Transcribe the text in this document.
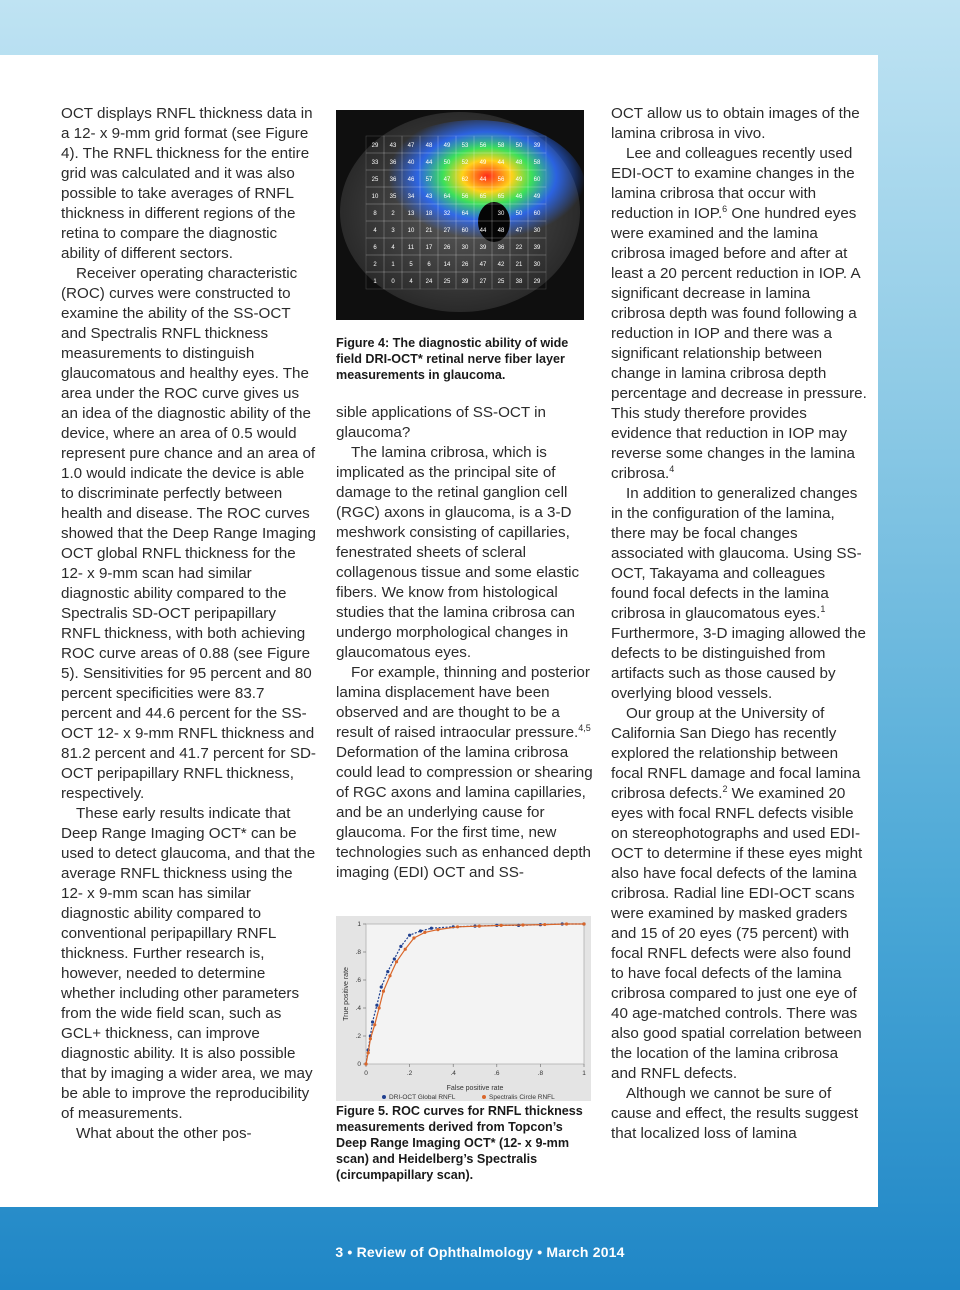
OCT displays RNFL thickness data in a 12- x 9-mm grid format (see Figure 4). The RNFL thickness for the entire grid was calculated and it was also possible to take averages of RNFL thickness in different regions of the retina to compare the diagnostic ability of different sectors.

Receiver operating characteristic (ROC) curves were constructed to examine the ability of the SS-OCT and Spectralis RNFL thickness measurements to distinguish glaucomatous and healthy eyes. The area under the ROC curve gives us an idea of the diagnostic ability of the device, where an area of 0.5 would represent pure chance and an area of 1.0 would indicate the device is able to discriminate perfectly between health and disease. The ROC curves showed that the Deep Range Imaging OCT global RNFL thickness for the 12- x 9-mm scan had similar diagnostic ability compared to the Spectralis SD-OCT peripapillary RNFL thickness, with both achieving ROC curve areas of 0.88 (see Figure 5). Sensitivities for 95 percent and 80 percent specificities were 83.7 percent and 44.6 percent for the SS-OCT 12- x 9-mm RNFL thickness and 81.2 percent and 41.7 percent for SD-OCT peripapillary RNFL thickness, respectively.

These early results indicate that Deep Range Imaging OCT* can be used to detect glaucoma, and that the average RNFL thickness using the 12- x 9-mm scan has similar diagnostic ability compared to conventional peripapillary RNFL thickness. Further research is, however, needed to determine whether including other parameters from the wide field scan, such as GCL+ thickness, can improve diagnostic ability. It is also possible that by imaging a wider area, we may be able to improve the reproducibility of measurements.

What about the other pos-

29 43 47 48 49 53 56 58 50 39
33 36 40 44 50 52 49 44 48 58
25 36 46 57 47 62 44 56 49 60
10 35 34 43 64 56 65 65 46 49
8 2 13 18 32 64	30 50 60
4 3 10 21 27 60 44 48 47 30
6 4 11 17 26 30 39 36 22 39
2 1 5 6 14 26 47 42 21 30
1 0 4 24 25 39 27 25 38 29
Figure 4: The diagnostic ability of wide field DRI-OCT* retinal nerve fiber layer measurements in glaucoma.

sible applications of SS-OCT in glaucoma?

The lamina cribrosa, which is implicated as the principal site of damage to the retinal ganglion cell (RGC) axons in glaucoma, is a 3-D meshwork consisting of capillaries, fenestrated sheets of scleral collagenous tissue and some elastic fibers. We know from histological studies that the lamina cribrosa can undergo morphological changes in glaucomatous eyes.

For example, thinning and posterior lamina displacement have been observed and are thought to be a result of raised intraocular pressure.$^{4,5}$ Deformation of the lamina cribrosa could lead to compression or shearing of RGC axons and lamina capillaries, and be an underlying cause for glaucoma. For the first time, new technologies such as enhanced depth imaging (EDI) OCT and SS-

0	.2	.4	.6	.8	1
0
.2
.4
.6
.8
1
False positive rate
True positive rate
DRI-OCT Global RNFL	Spectralis Circle RNFL
Figure 5. ROC curves for RNFL thickness measurements derived from Topcon’s Deep Range Imaging OCT* (12- x 9-mm scan) and Heidelberg’s Spectralis (circumpapillary scan).

OCT allow us to obtain images of the lamina cribrosa in vivo.

Lee and colleagues recently used EDI-OCT to examine changes in the lamina cribrosa that occur with reduction in IOP.$^6$ One hundred eyes were examined and the lamina cribrosa imaged before and after at least a 20 percent reduction in IOP. A significant decrease in lamina cribrosa depth was found following a reduction in IOP and there was a significant relationship between change in lamina cribrosa depth percentage and decrease in pressure. This study therefore provides evidence that reduction in IOP may reverse some changes in the lamina cribrosa.$^4$

In addition to generalized changes in the configuration of the lamina, there may be focal changes associated with glaucoma. Using SS-OCT, Takayama and colleagues found focal defects in the lamina cribrosa in glaucomatous eyes.$^1$ Furthermore, 3-D imaging allowed the defects to be distinguished from artifacts such as those caused by overlying blood vessels.

Our group at the University of California San Diego has recently explored the relationship between focal RNFL damage and focal lamina cribrosa defects.$^2$ We examined 20 eyes with focal RNFL defects visible on stereophotographs and used EDI-OCT to determine if these eyes might also have focal defects of the lamina cribrosa. Radial line EDI-OCT scans were examined by masked graders and 15 of 20 eyes (75 percent) with focal RNFL defects were also found to have focal defects of the lamina cribrosa compared to just one eye of 40 age-matched controls. There was also good spatial correlation between the location of the lamina cribrosa and RNFL defects.

Although we cannot be sure of cause and effect, the results suggest that localized loss of lamina

3 • Review of Ophthalmology • March 2014
